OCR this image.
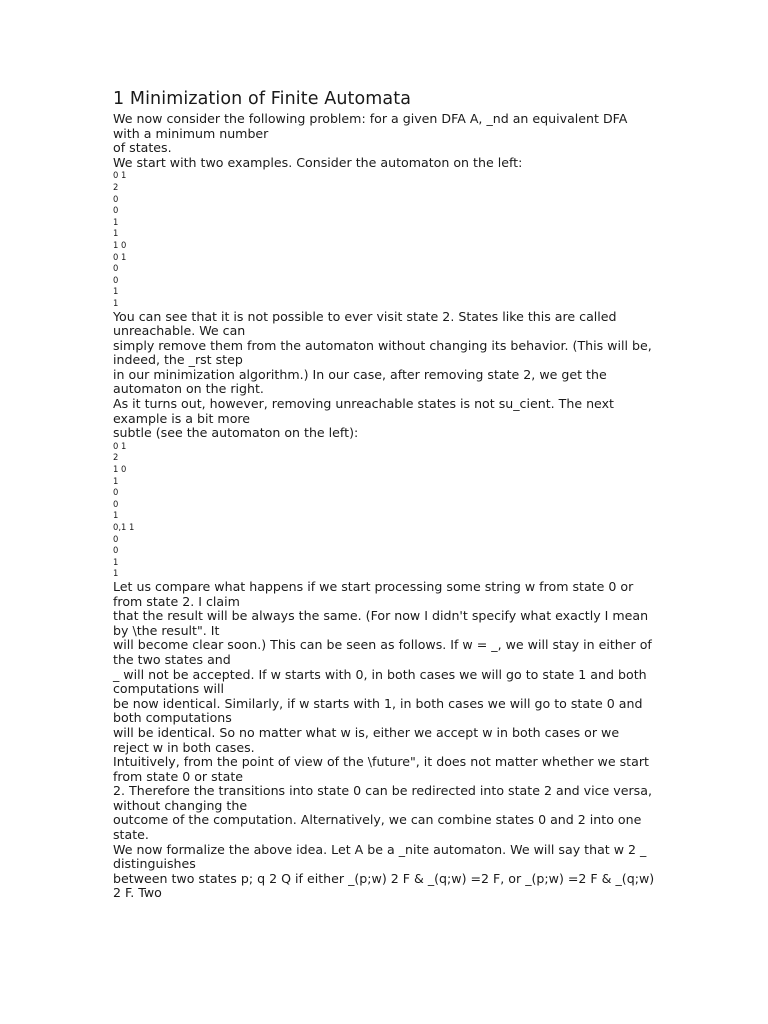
1 Minimization of Finite Automata

We now consider the following problem: for a given DFA A, _nd an equivalent DFA

with a minimum number

of states.

We start with two examples. Consider the automaton on the left:

0 1

2

0

0

1

1

1 0

0 1

0

0

1

1

You can see that it is not possible to ever visit state 2. States like this are called

unreachable. We can

simply remove them from the automaton without changing its behavior. (This will be,

indeed, the _rst step

in our minimization algorithm.) In our case, after removing state 2, we get the

automaton on the right.

As it turns out, however, removing unreachable states is not su_cient. The next

example is a bit more

subtle (see the automaton on the left):

0 1

2

1 0

1

0

0

1

0,1 1

0

0

1

1

Let us compare what happens if we start processing some string w from state 0 or

from state 2. I claim

that the result will be always the same. (For now I didn't specify what exactly I mean

by \the result". It

will become clear soon.) This can be seen as follows. If w = _, we will stay in either of

the two states and

_ will not be accepted. If w starts with 0, in both cases we will go to state 1 and both

computations will

be now identical. Similarly, if w starts with 1, in both cases we will go to state 0 and

both computations

will be identical. So no matter what w is, either we accept w in both cases or we

reject w in both cases.

Intuitively, from the point of view of the \future", it does not matter whether we start

from state 0 or state

2. Therefore the transitions into state 0 can be redirected into state 2 and vice versa,

without changing the

outcome of the computation. Alternatively, we can combine states 0 and 2 into one

state.

We now formalize the above idea. Let A be a _nite automaton. We will say that w 2 _

distinguishes

between two states p; q 2 Q if either _(p;w) 2 F & _(q;w) =2 F, or _(p;w) =2 F & _(q;w)

2 F. Two
